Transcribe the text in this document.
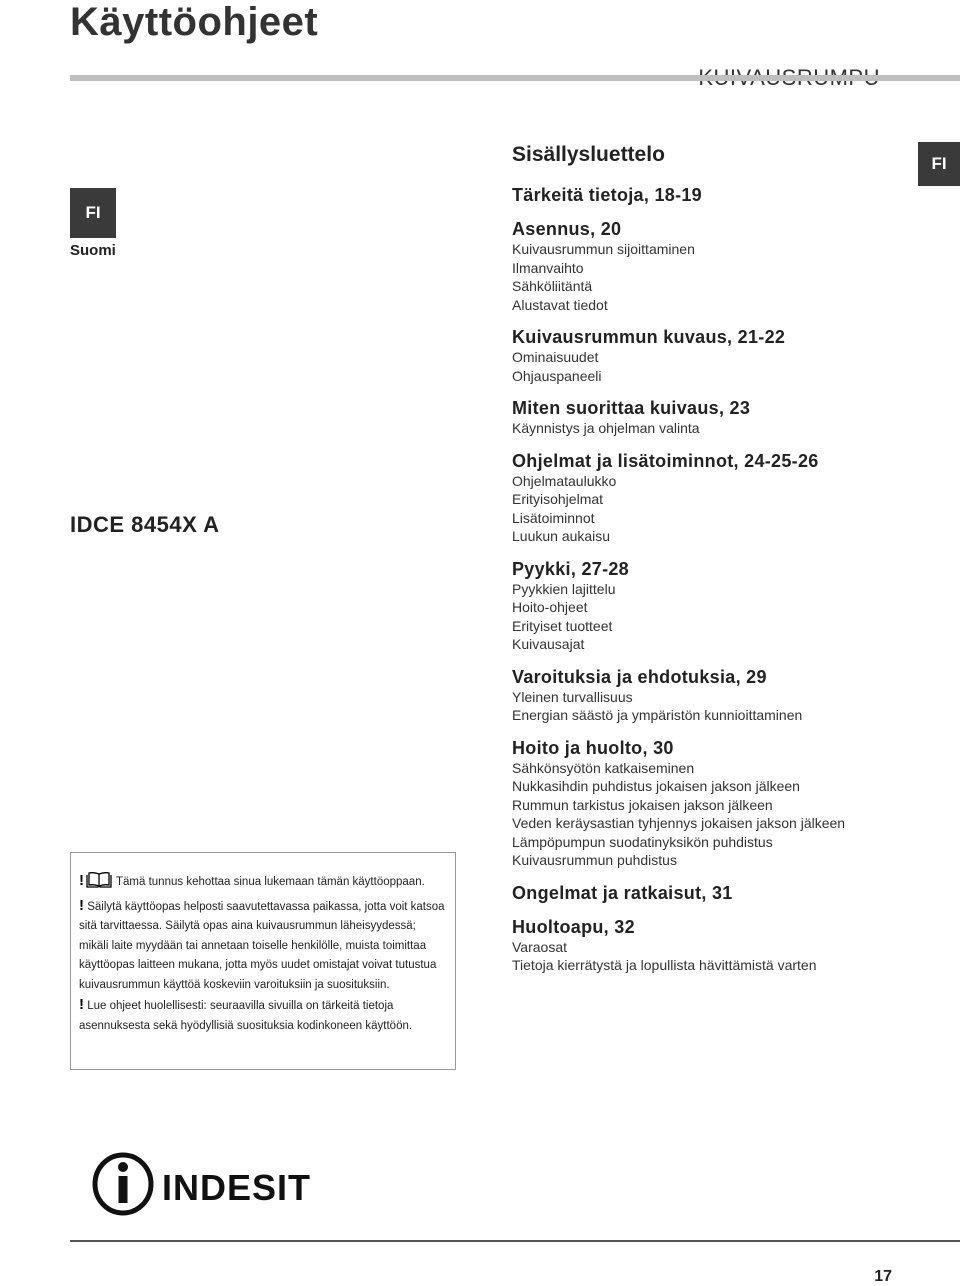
Käyttöohjeet
FI
Suomi
FI
IDCE 8454X A
Sisällysluettelo
Tärkeitä tietoja, 18-19
Asennus, 20
Kuivausrummun sijoittaminen
Ilmanvaihto
Sähköliitäntä
Alustavat tiedot
Kuivausrummun kuvaus, 21-22
Ominaisuudet
Ohjauspaneeli
Miten suorittaa kuivaus, 23
Käynnistys ja ohjelman valinta
Ohjelmat ja lisätoiminnot, 24-25-26
Ohjelmataulukko
Erityisohjelmat
Lisätoiminnot
Luukun aukaisu
Pyykki, 27-28
Pyykkien lajittelu
Hoito-ohjeet
Erityiset tuotteet
Kuivausajat
Varoituksia ja ehdotuksia, 29
Yleinen turvallisuus
Energian säästö ja ympäristön kunnioittaminen
Hoito ja huolto, 30
Sähkönsyötön katkaiseminen
Nukkasihdin puhdistus jokaisen jakson jälkeen
Rummun tarkistus jokaisen jakson jälkeen
Veden keräysastian tyhjennys jokaisen jakson jälkeen
Lämpöpumpun suodatinyksikön puhdistus
Kuivausrummun puhdistus
Ongelmat ja ratkaisut, 31
Huoltoapu, 32
Varaosat
Tietoja kierrätystä ja lopullista hävittämistä varten
!	Tämä tunnus kehottaa sinua lukemaan tämän käyttöoppaan.
! Säilytä käyttöopas helposti saavutettavassa paikassa, jotta voit katsoa sitä tarvittaessa. Säilytä opas aina kuivausrummun läheisyydessä; mikäli laite myydään tai annetaan toiselle henkilölle, muista toimittaa käyttöopas laitteen mukana, jotta myös uudet omistajat voivat tutustua kuivausrummun käyttöä koskeviin varoituksiin ja suosituksiin.
! Lue ohjeet huolellisesti: seuraavilla sivuilla on tärkeitä tietoja asennuksesta sekä hyödyllisiä suosituksia kodinkoneen käyttöön.
INDESIT
17
